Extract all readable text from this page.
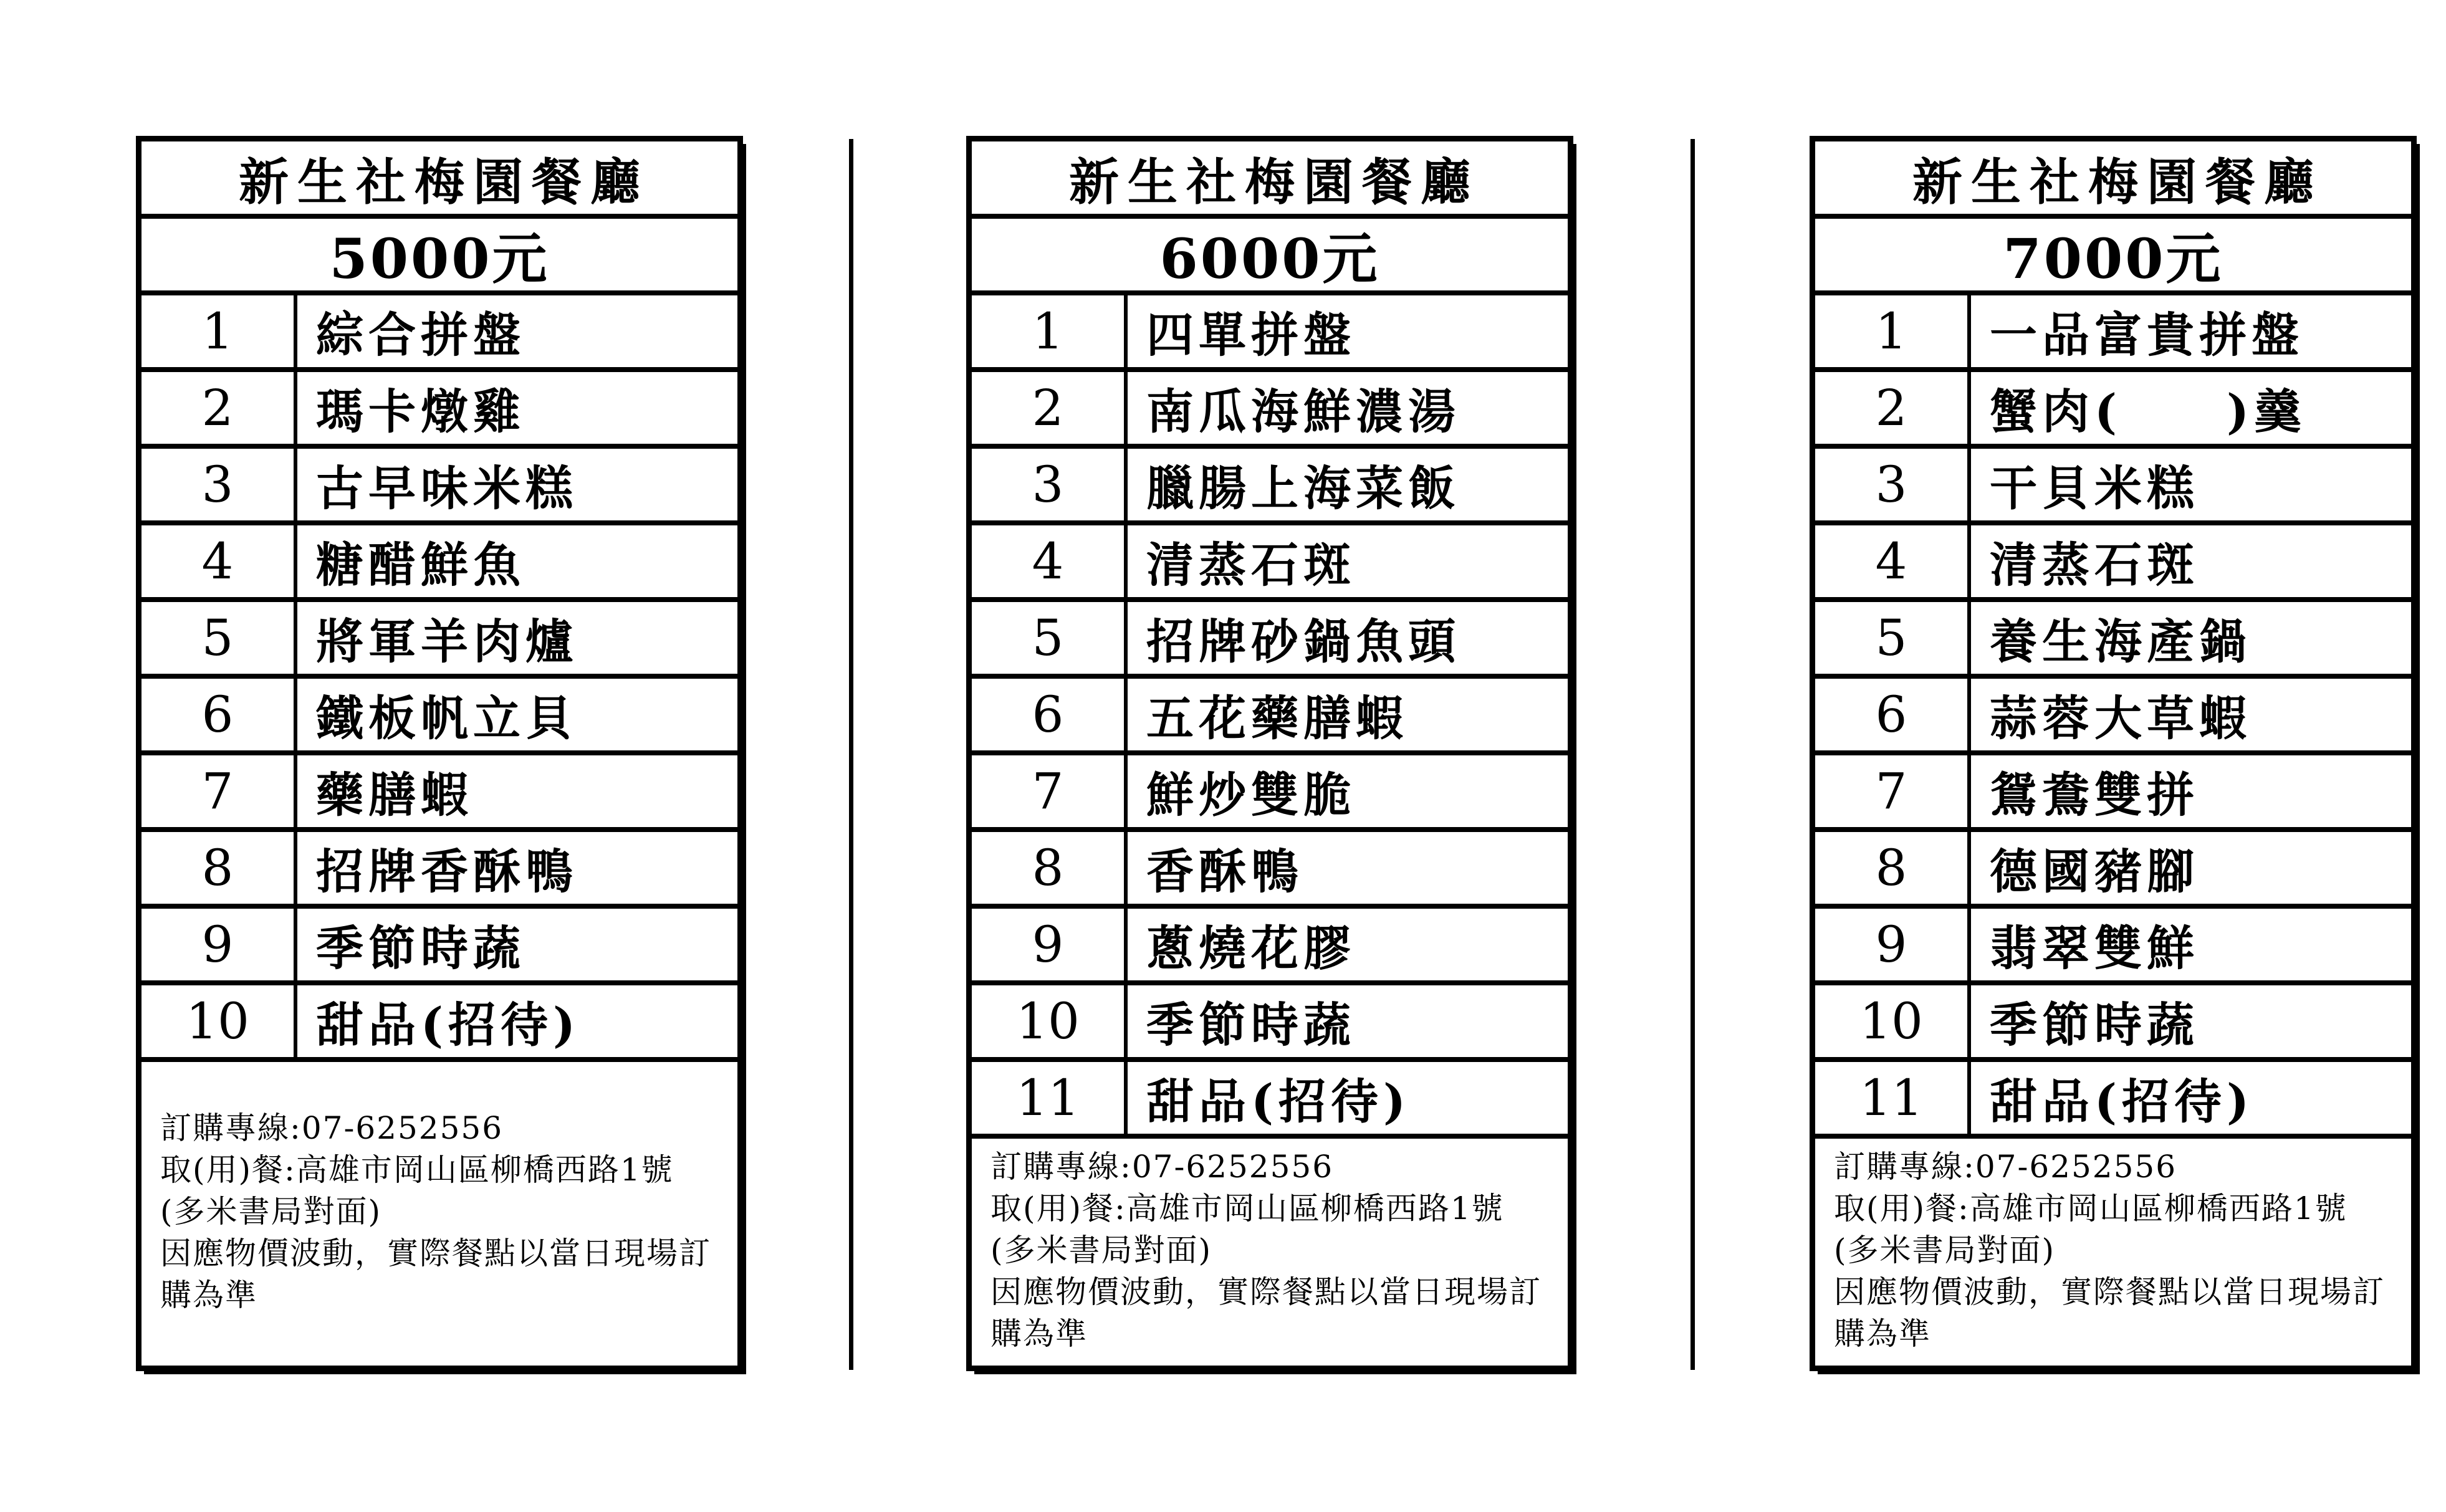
新生社梅園餐廳
5000元
1	綜合拼盤
2	瑪卡燉雞
3	古早味米糕
4	糖醋鮮魚
5	將軍羊肉爐
6	鐵板帆立貝
7	藥膳蝦
8	招牌香酥鴨
9	季節時蔬
10	甜品(招待)

訂購專線:07-6252556

取(用)餐:高雄市岡山區柳橋西路1號(多米書局對面)

因應物價波動，實際餐點以當日現場訂購為準

新生社梅園餐廳
6000元
1	四單拼盤
2	南瓜海鮮濃湯
3	臘腸上海菜飯
4	清蒸石斑
5	招牌砂鍋魚頭
6	五花藥膳蝦
7	鮮炒雙脆
8	香酥鴨
9	蔥燒花膠
10	季節時蔬
11	甜品(招待)

訂購專線:07-6252556

取(用)餐:高雄市岡山區柳橋西路1號(多米書局對面)

因應物價波動，實際餐點以當日現場訂購為準

新生社梅園餐廳
7000元
1	一品富貴拼盤
2	蟹肉(　　)羹
3	干貝米糕
4	清蒸石斑
5	養生海產鍋
6	蒜蓉大草蝦
7	鴛鴦雙拼
8	德國豬腳
9	翡翠雙鮮
10	季節時蔬
11	甜品(招待)

訂購專線:07-6252556

取(用)餐:高雄市岡山區柳橋西路1號(多米書局對面)

因應物價波動，實際餐點以當日現場訂購為準
